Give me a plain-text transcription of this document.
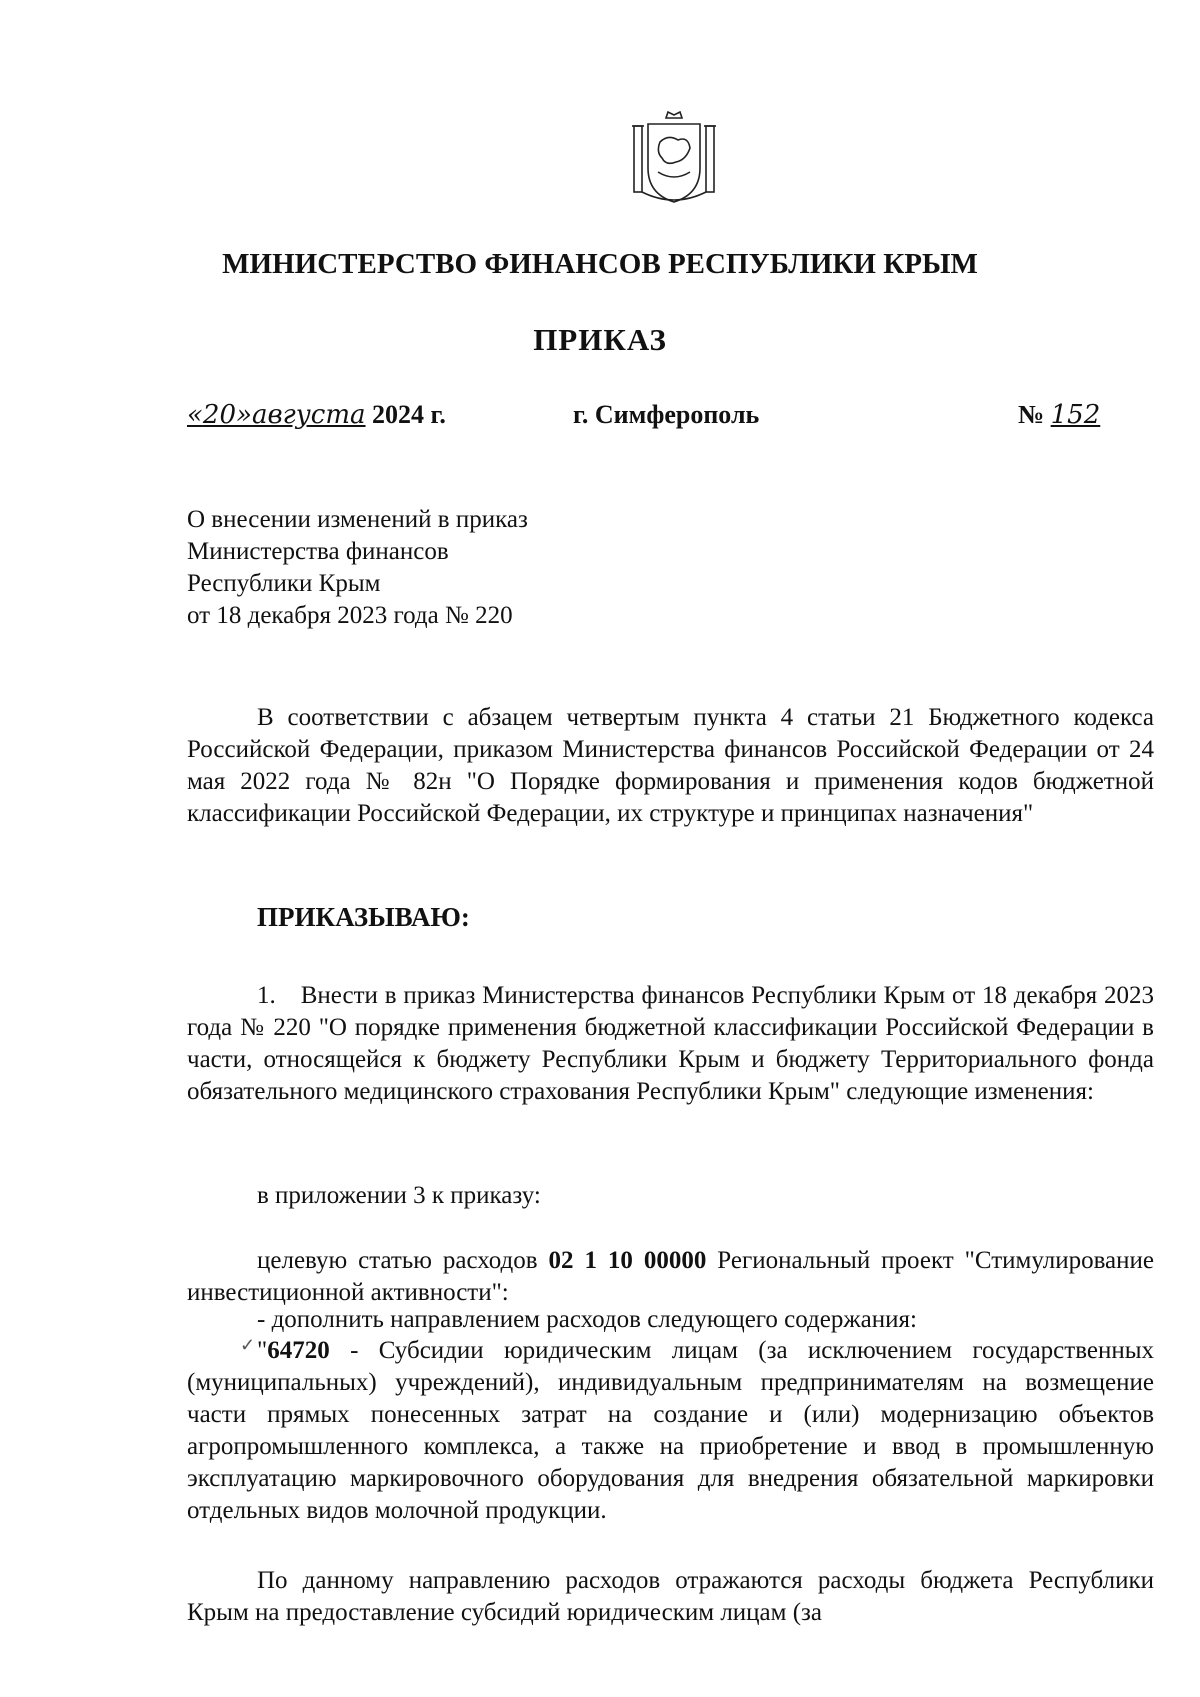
МИНИСТЕРСТВО ФИНАНСОВ РЕСПУБЛИКИ КРЫМ
ПРИКАЗ
«20»августа 2024 г.	г. Симферополь	№ 152
О внесении изменений в приказ
Министерства финансов
Республики Крым
от 18 декабря 2023 года № 220
В соответствии с абзацем четвертым пункта 4 статьи 21 Бюджетного кодекса Российской Федерации, приказом Министерства финансов Российской Федерации от 24 мая 2022 года № 82н "О Порядке формирования и применения кодов бюджетной классификации Российской Федерации, их структуре и принципах назначения"
ПРИКАЗЫВАЮ:
1. Внести в приказ Министерства финансов Республики Крым от 18 декабря 2023 года № 220 "О порядке применения бюджетной классификации Российской Федерации в части, относящейся к бюджету Республики Крым и бюджету Территориального фонда обязательного медицинского страхования Республики Крым" следующие изменения:
в приложении 3 к приказу:
целевую статью расходов 02 1 10 00000 Региональный проект "Стимулирование инвестиционной активности":
- дополнить направлением расходов следующего содержания:
✓ "64720 - Субсидии юридическим лицам (за исключением государственных (муниципальных) учреждений), индивидуальным предпринимателям на возмещение части прямых понесенных затрат на создание и (или) модернизацию объектов агропромышленного комплекса, а также на приобретение и ввод в промышленную эксплуатацию маркировочного оборудования для внедрения обязательной маркировки отдельных видов молочной продукции.
По данному направлению расходов отражаются расходы бюджета Республики Крым на предоставление субсидий юридическим лицам (за
